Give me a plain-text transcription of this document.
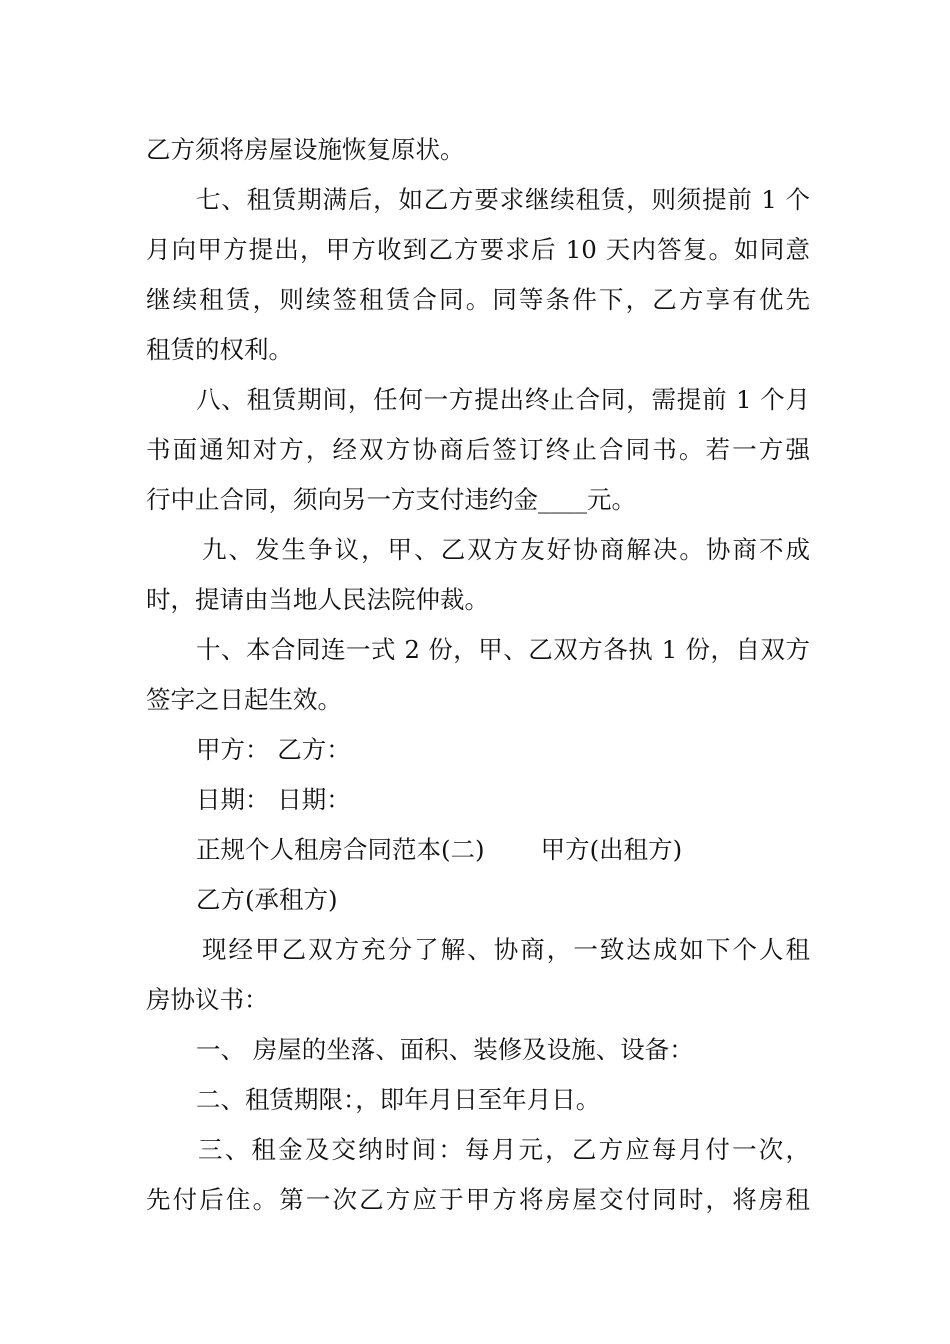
乙方须将房屋设施恢复原状。
七、租赁期满后，如乙方要求继续租赁，则须提前 1 个
月向甲方提出，甲方收到乙方要求后 10 天内答复。如同意
继续租赁，则续签租赁合同。同等条件下，乙方享有优先
租赁的权利。
八、租赁期间，任何一方提出终止合同，需提前 1 个月
书面通知对方，经双方协商后签订终止合同书。若一方强
行中止合同，须向另一方支付违约金____元。
九、发生争议，甲、乙双方友好协商解决。协商不成
时，提请由当地人民法院仲裁。
十、本合同连一式 2 份，甲、乙双方各执 1 份，自双方
签字之日起生效。
甲方： 乙方：
日期： 日期：
正规个人租房合同范本(二) 甲方(出租方)
乙方(承租方)
现经甲乙双方充分了解、协商，一致达成如下个人租
房协议书：
一、 房屋的坐落、面积、装修及设施、设备：
二、租赁期限：，即年月日至年月日。
三、租金及交纳时间：每月元，乙方应每月付一次，
先付后住。第一次乙方应于甲方将房屋交付同时，将房租
